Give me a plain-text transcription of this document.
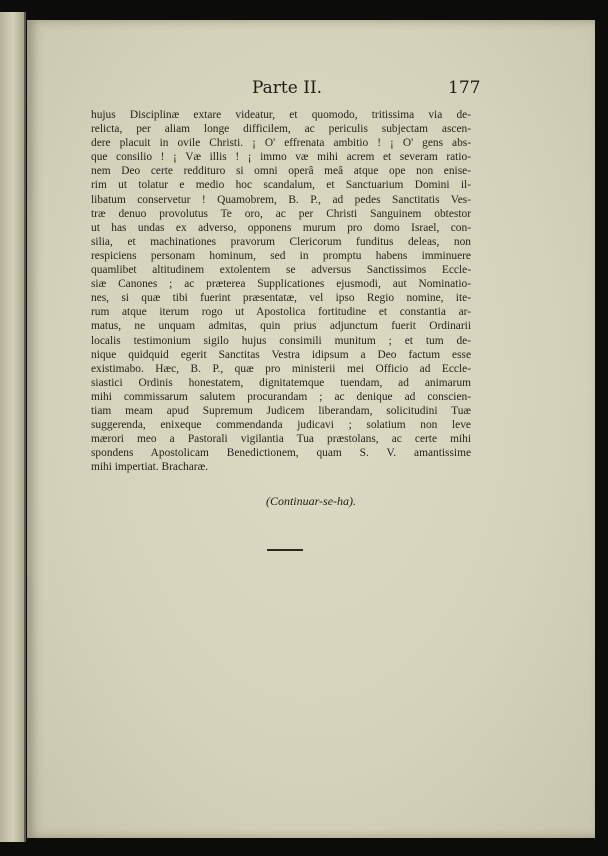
Parte II.	177
hujus Disciplinæ extare videatur, et quomodo, tritissima via de-
relicta, per aliam longe difficilem, ac periculis subjectam ascen-
dere placuit in ovile Christi. ¡ O' effrenata ambitio ! ¡ O' gens abs-
que consilio ! ¡ Væ illis ! ¡ immo væ mihi acrem et severam ratio-
nem Deo certe reddituro si omni operâ meâ atque ope non enise-
rim ut tolatur e medio hoc scandalum, et Sanctuarium Domini il-
libatum conservetur ! Quamobrem, B. P., ad pedes Sanctitatis Ves-
træ denuo provolutus Te oro, ac per Christi Sanguinem obtestor
ut has undas ex adverso, opponens murum pro domo Israel, con-
silia, et machinationes pravorum Clericorum funditus deleas, non
respiciens personam hominum, sed in promptu habens imminuere
quamlibet altitudinem extolentem se adversus Sanctissimos Eccle-
siæ Canones ; ac præterea Supplicationes ejusmodi, aut Nominatio-
nes, si quæ tibi fuerint præsentatæ, vel ipso Regio nomine, ite-
rum atque iterum rogo ut Apostolica fortitudine et constantia ar-
matus, ne unquam admitas, quin prius adjunctum fuerit Ordinarii
localis testimonium sigilo hujus consimili munitum ; et tum de-
nique quidquid egerit Sanctitas Vestra idipsum a Deo factum esse
existimabo. Hæc, B. P., quæ pro ministerii mei Officio ad Eccle-
siastici Ordinis honestatem, dignitatemque tuendam, ad animarum
mihi commissarum salutem procurandam ; ac denique ad conscien-
tiam meam apud Supremum Judicem liberandam, solicitudini Tuæ
suggerenda, enixeque commendanda judicavi ; solatium non leve
mærori meo a Pastorali vigilantia Tua præstolans, ac certe mihi
spondens Apostolicam Benedictionem, quam S. V. amantissime
mihi impertiat. Bracharæ.
(Continuar-se-ha).
